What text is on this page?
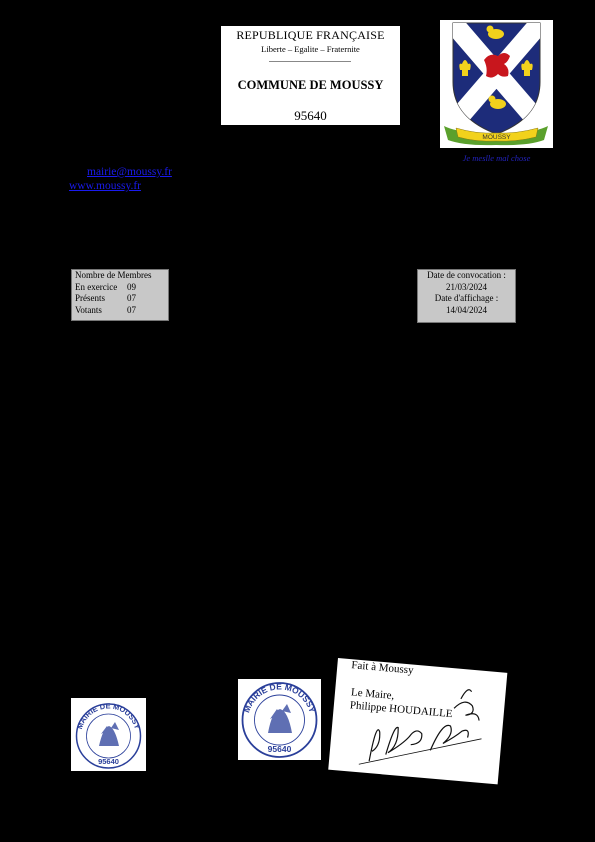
REPUBLIQUE FRANÇAISE
Liberte – Egalite – Fraternite
COMMUNE DE MOUSSY
95640
MOUSSY
Je meslle mal chose
mairie@moussy.fr
www.moussy.fr
Nombre de Membres
En exercice	09
Présents	07
Votants	07
Date de convocation :
21/03/2024
Date d'affichage :
14/04/2024
Fait à Moussy
Le Maire,
Philippe HOUDAILLE
MAIRIE DE MOUSSY
95640
MAIRIE DE MOUSSY
95640
